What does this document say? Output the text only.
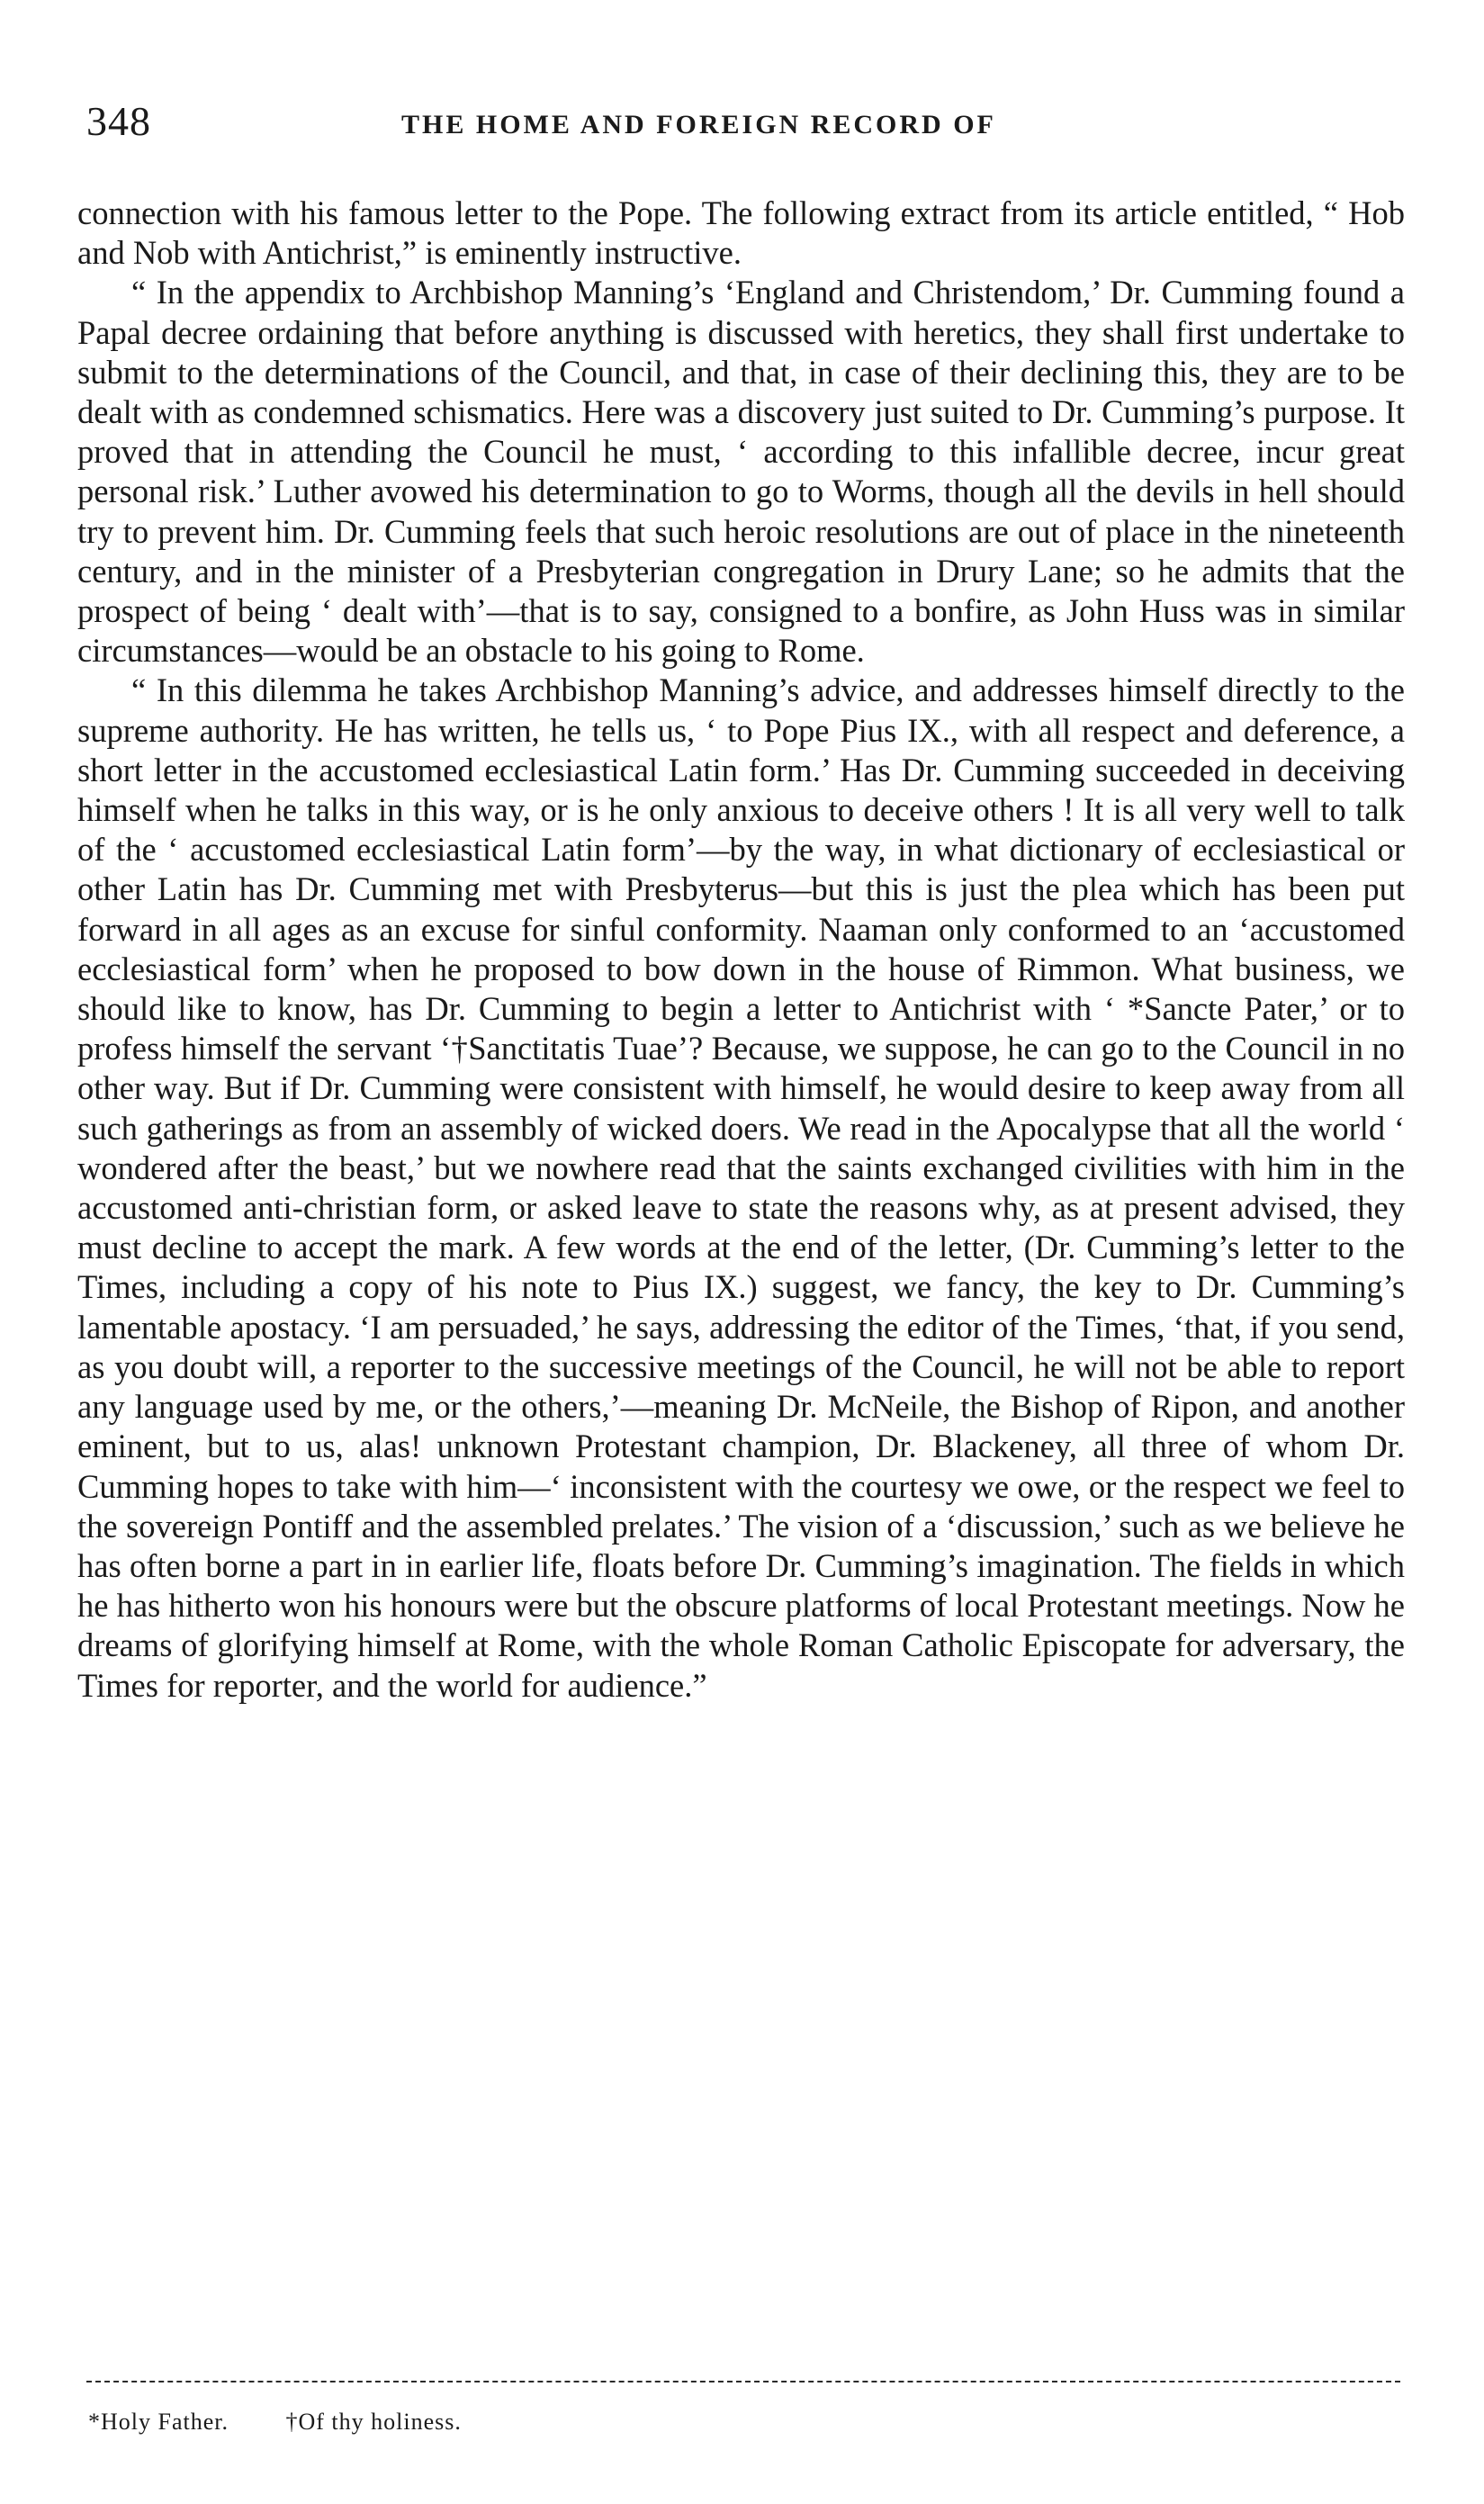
348	THE HOME AND FOREIGN RECORD OF

connection with his famous letter to the Pope. The following extract from its article entitled, “ Hob and Nob with Antichrist,” is eminently instructive.

“ In the appendix to Archbishop Manning’s ‘England and Christendom,’ Dr. Cumming found a Papal decree ordaining that before anything is discussed with heretics, they shall first undertake to submit to the determinations of the Council, and that, in case of their declining this, they are to be dealt with as condemned schismatics. Here was a discovery just suited to Dr. Cumming’s purpose. It proved that in attending the Council he must, ‘ according to this infallible decree, incur great personal risk.’ Luther avowed his determination to go to Worms, though all the devils in hell should try to prevent him. Dr. Cumming feels that such heroic resolutions are out of place in the nineteenth century, and in the minister of a Presbyterian congregation in Drury Lane; so he admits that the prospect of being ‘ dealt with’—that is to say, consigned to a bonfire, as John Huss was in similar circumstances—would be an obstacle to his going to Rome.

“ In this dilemma he takes Archbishop Manning’s advice, and addresses himself directly to the supreme authority. He has written, he tells us, ‘ to Pope Pius IX., with all respect and deference, a short letter in the accustomed ecclesiastical Latin form.’ Has Dr. Cumming succeeded in deceiving himself when he talks in this way, or is he only anxious to deceive others ! It is all very well to talk of the ‘ accustomed ecclesiastical Latin form’—by the way, in what dictionary of ecclesiastical or other Latin has Dr. Cumming met with Presbyterus—but this is just the plea which has been put forward in all ages as an excuse for sinful conformity. Naaman only conformed to an ‘accustomed ecclesiastical form’ when he proposed to bow down in the house of Rimmon. What business, we should like to know, has Dr. Cumming to begin a letter to Antichrist with ‘ *Sancte Pater,’ or to profess himself the servant ‘†Sanctitatis Tuae’? Because, we suppose, he can go to the Council in no other way. But if Dr. Cumming were consistent with himself, he would desire to keep away from all such gatherings as from an assembly of wicked doers. We read in the Apocalypse that all the world ‘ wondered after the beast,’ but we nowhere read that the saints exchanged civilities with him in the accustomed anti-christian form, or asked leave to state the reasons why, as at present advised, they must decline to accept the mark. A few words at the end of the letter, (Dr. Cumming’s letter to the Times, including a copy of his note to Pius IX.) suggest, we fancy, the key to Dr. Cumming’s lamentable apostacy. ‘I am persuaded,’ he says, addressing the editor of the Times, ‘that, if you send, as you doubt will, a reporter to the successive meetings of the Council, he will not be able to report any language used by me, or the others,’—meaning Dr. McNeile, the Bishop of Ripon, and another eminent, but to us, alas! unknown Protestant champion, Dr. Blackeney, all three of whom Dr. Cumming hopes to take with him—‘ inconsistent with the courtesy we owe, or the respect we feel to the sovereign Pontiff and the assembled prelates.’ The vision of a ‘discussion,’ such as we believe he has often borne a part in in earlier life, floats before Dr. Cumming’s imagination. The fields in which he has hitherto won his honours were but the obscure platforms of local Protestant meetings. Now he dreams of glorifying himself at Rome, with the whole Roman Catholic Episcopate for adversary, the Times for reporter, and the world for audience.”

*Holy Father. †Of thy holiness.
